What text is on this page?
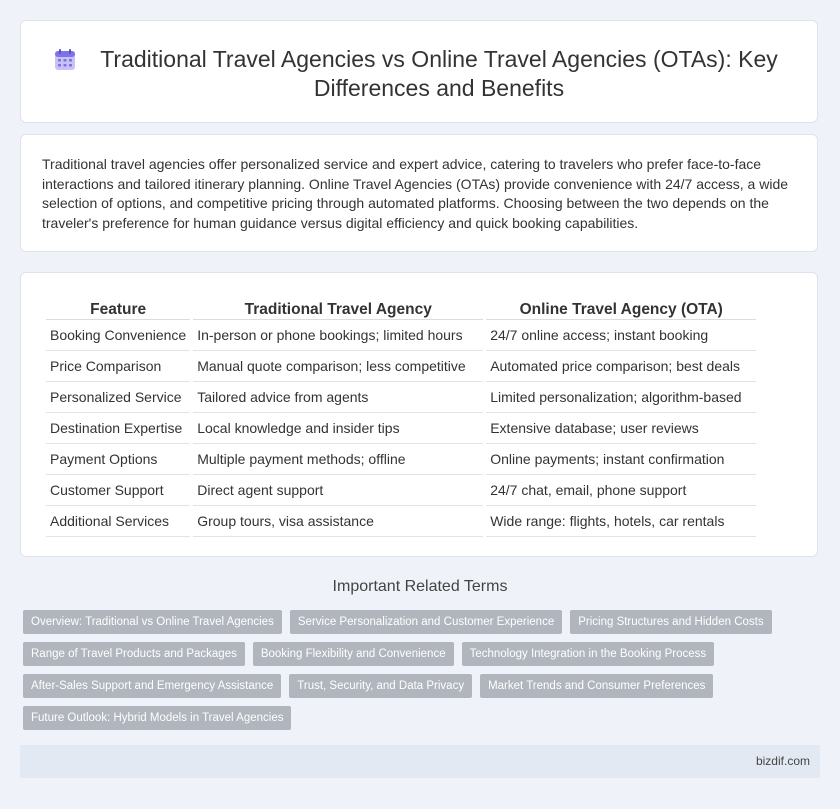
Traditional Travel Agencies vs Online Travel Agencies (OTAs): Key Differences and Benefits

Traditional travel agencies offer personalized service and expert advice, catering to travelers who prefer face-to-face interactions and tailored itinerary planning. Online Travel Agencies (OTAs) provide convenience with 24/7 access, a wide selection of options, and competitive pricing through automated platforms. Choosing between the two depends on the traveler's preference for human guidance versus digital efficiency and quick booking capabilities.

Feature	Traditional Travel Agency	Online Travel Agency (OTA)
Booking Convenience	In-person or phone bookings; limited hours	24/7 online access; instant booking
Price Comparison	Manual quote comparison; less competitive	Automated price comparison; best deals
Personalized Service	Tailored advice from agents	Limited personalization; algorithm-based
Destination Expertise	Local knowledge and insider tips	Extensive database; user reviews
Payment Options	Multiple payment methods; offline	Online payments; instant confirmation
Customer Support	Direct agent support	24/7 chat, email, phone support
Additional Services	Group tours, visa assistance	Wide range: flights, hotels, car rentals
Important Related Terms
Overview: Traditional vs Online Travel Agencies	Service Personalization and Customer Experience	Pricing Structures and Hidden Costs
Range of Travel Products and Packages	Booking Flexibility and Convenience	Technology Integration in the Booking Process
After-Sales Support and Emergency Assistance	Trust, Security, and Data Privacy	Market Trends and Consumer Preferences
Future Outlook: Hybrid Models in Travel Agencies
bizdif.com
